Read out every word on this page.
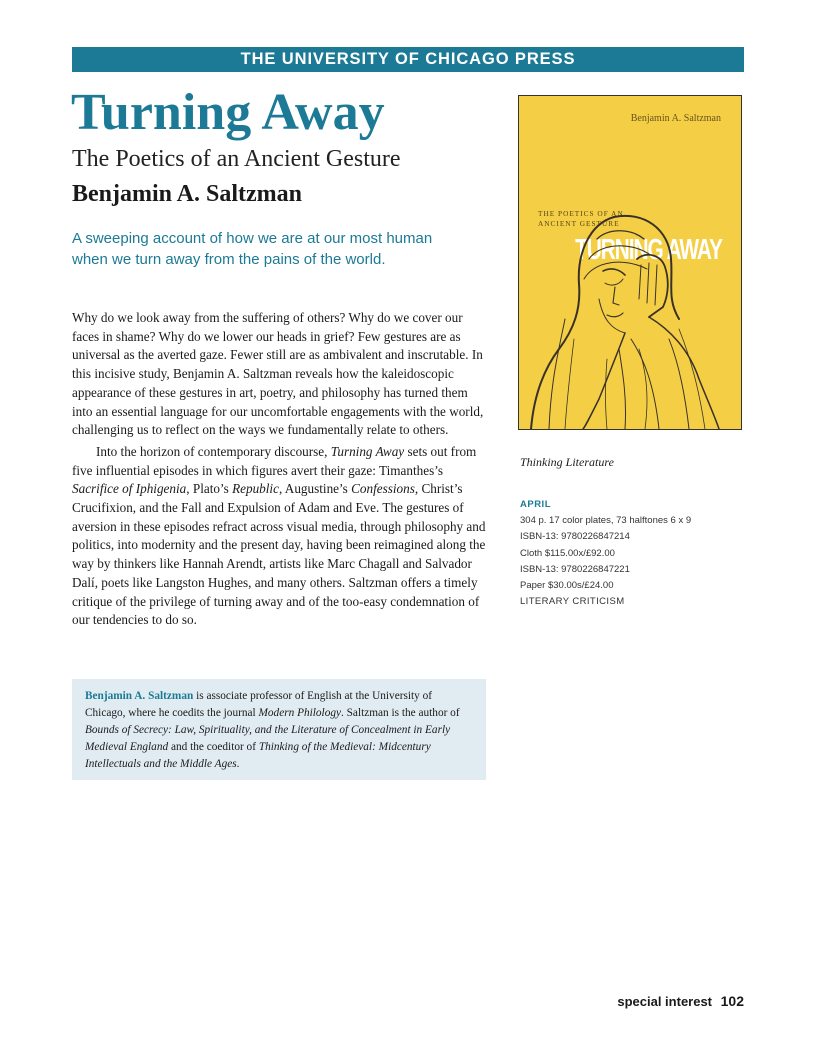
THE UNIVERSITY OF CHICAGO PRESS
Turning Away
The Poetics of an Ancient Gesture
Benjamin A. Saltzman

A sweeping account of how we are at our most human when we turn away from the pains of the world.

Why do we look away from the suffering of others? Why do we cover our faces in shame? Why do we lower our heads in grief? Few gestures are as universal as the averted gaze. Fewer still are as ambivalent and inscrutable. In this incisive study, Benjamin A. Saltzman reveals how the kaleidoscopic appearance of these gestures in art, poetry, and philosophy has turned them into an essential language for our uncomfortable engagements with the world, challenging us to reflect on the ways we fundamentally relate to others.

Into the horizon of contemporary discourse, Turning Away sets out from five influential episodes in which figures avert their gaze: Timanthes’s Sacrifice of Iphigenia, Plato’s Republic, Augustine’s Confessions, Christ’s Crucifixion, and the Fall and Expulsion of Adam and Eve. The gestures of aversion in these episodes refract across visual media, through philosophy and politics, into modernity and the present day, having been reimagined along the way by thinkers like Hannah Arendt, artists like Marc Chagall and Salvador Dalí, poets like Langston Hughes, and many others. Saltzman offers a timely critique of the privilege of turning away and of the too-easy condemnation of our tendencies to do so.

Benjamin A. Saltzman is associate professor of English at the University of Chicago, where he coedits the journal Modern Philology. Saltzman is the author of Bounds of Secrecy: Law, Spirituality, and the Literature of Concealment in Early Medieval England and the coeditor of Thinking of the Medieval: Midcentury Intellectuals and the Middle Ages.

Benjamin A. Saltzman
THE POETICS OF AN
ANCIENT GESTURE
TURNING AWAY
Thinking Literature
APRIL
304 p. 17 color plates, 73 halftones 6 x 9
ISBN-13: 9780226847214
Cloth $115.00x/£92.00
ISBN-13: 9780226847221
Paper $30.00s/£24.00
LITERARY CRITICISM
special interest 102
